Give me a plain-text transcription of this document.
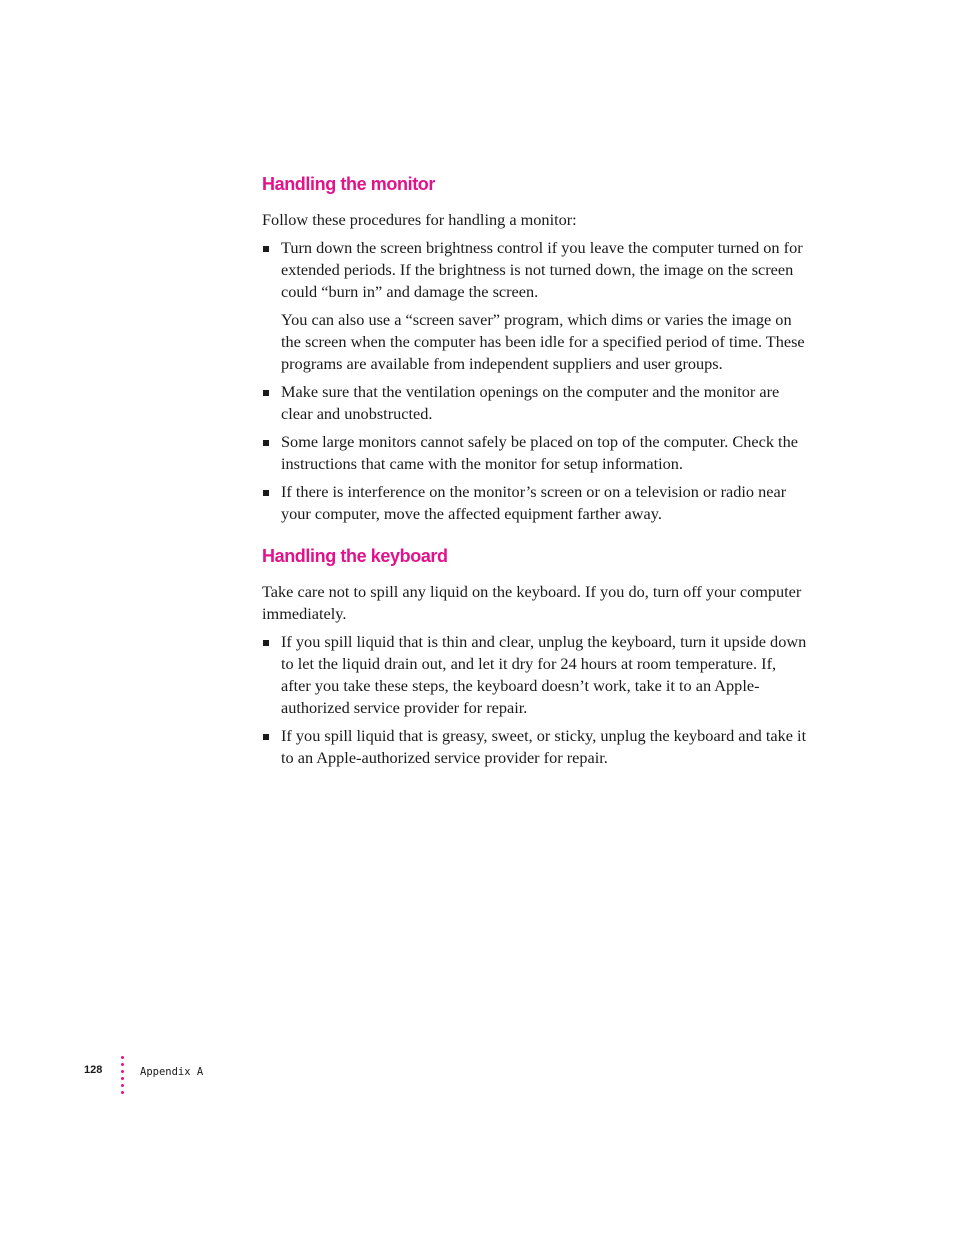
Handling the monitor

Follow these procedures for handling a monitor:

Turn down the screen brightness control if you leave the computer turned on for extended periods. If the brightness is not turned down, the image on the screen could “burn in” and damage the screen.

You can also use a “screen saver” program, which dims or varies the image on the screen when the computer has been idle for a specified period of time. These programs are available from independent suppliers and user groups.

Make sure that the ventilation openings on the computer and the monitor are clear and unobstructed.

Some large monitors cannot safely be placed on top of the computer. Check the instructions that came with the monitor for setup information.

If there is interference on the monitor’s screen or on a television or radio near your computer, move the affected equipment farther away.

Handling the keyboard

Take care not to spill any liquid on the keyboard. If you do, turn off your computer immediately.

If you spill liquid that is thin and clear, unplug the keyboard, turn it upside down to let the liquid drain out, and let it dry for 24 hours at room temperature. If, after you take these steps, the keyboard doesn’t work, take it to an Apple-authorized service provider for repair.

If you spill liquid that is greasy, sweet, or sticky, unplug the keyboard and take it to an Apple-authorized service provider for repair.

128	Appendix A
